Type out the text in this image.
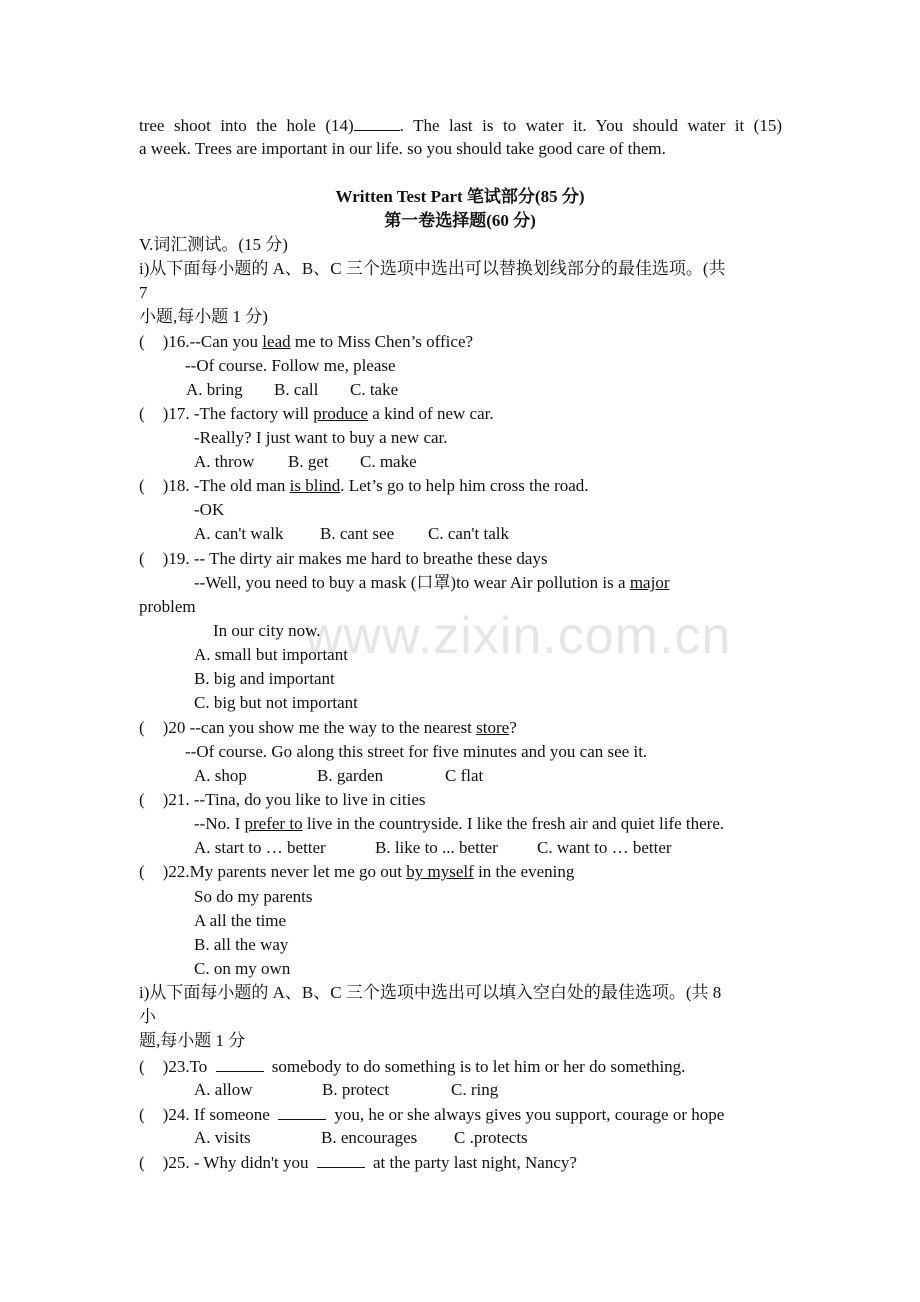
tree shoot into the hole (14)	. The last is to water it. You should water it (15)
a week. Trees are important in our life. so you should take good care of them.
Written Test Part 笔试部分(85 分)
第一卷选择题(60 分)
V.词汇测试。(15 分)
i)从下面每小题的 A、B、C 三个选项中选出可以替换划线部分的最佳选项。(共
7
小题,每小题 1 分)
( )16.--Can you lead me to Miss Chen’s office?
--Of course. Follow me, please
A. bring B. call C. take
( )17. -The factory will produce a kind of new car.
-Really? I just want to buy a new car.
A. throw B. get C. make
( )18. -The old man is blind. Let’s go to help him cross the road.
-OK
A. can't walk B. cant see C. can't talk
( )19. -- The dirty air makes me hard to breathe these days
--Well, you need to buy a mask (口罩)to wear Air pollution is a major
problem
In our city now.
A. small but important
B. big and important
C. big but not important
( )20 --can you show me the way to the nearest store?
--Of course. Go along this street for five minutes and you can see it.
A. shop	B. garden	C flat
( )21. --Tina, do you like to live in cities
--No. I prefer to live in the countryside. I like the fresh air and quiet life there.
A. start to … better	B. like to ... better C. want to … better
( )22.My parents never let me go out by myself in the evening
So do my parents
A all the time
B. all the way
C. on my own
i)从下面每小题的 A、B、C 三个选项中选出可以填入空白处的最佳选项。(共 8
小
题,每小题 1 分
( )23.To	somebody to do something is to let him or her do something.
A. allow	B. protect	C. ring
( )24. If someone	you, he or she always gives you support, courage or hope
A. visits	B. encourages C .protects
( )25. - Why didn't you	at the party last night, Nancy?
www.zixin.com.cn
